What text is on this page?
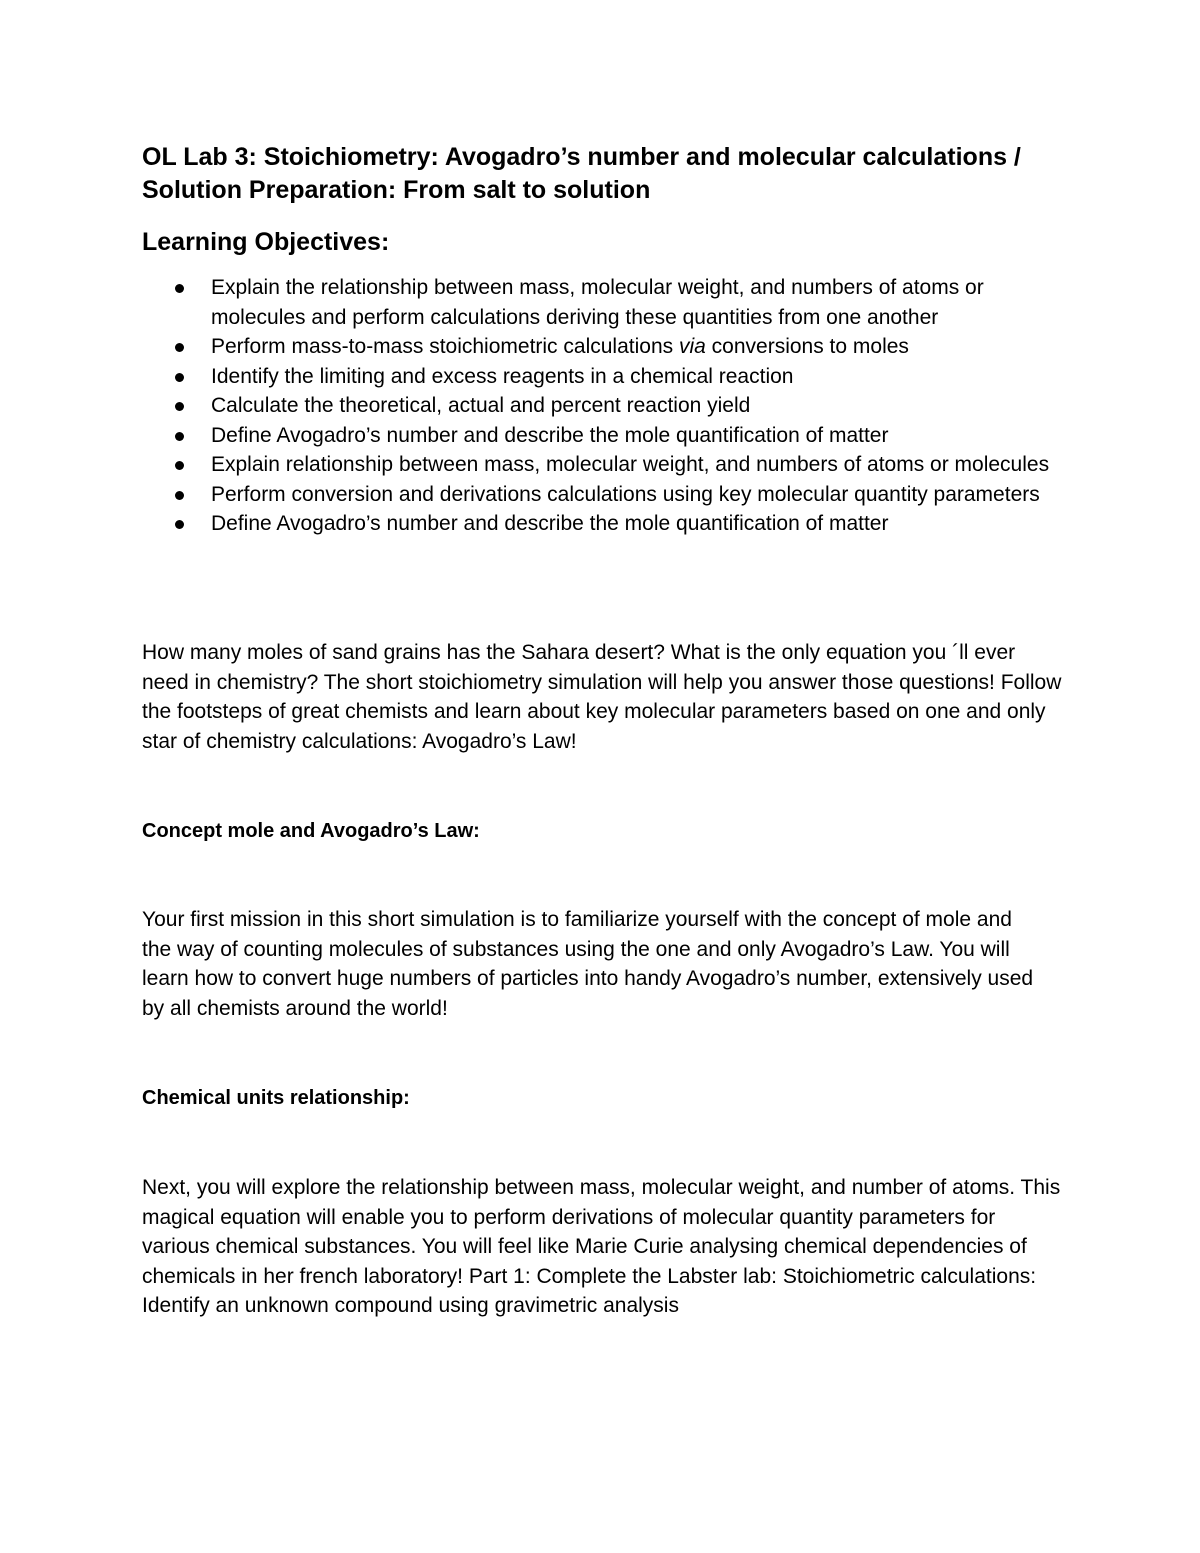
OL Lab 3: Stoichiometry: Avogadro’s number and molecular calculations / Solution Preparation: From salt to solution
Learning Objectives:
Explain the relationship between mass, molecular weight, and numbers of atoms or molecules and perform calculations deriving these quantities from one another
Perform mass-to-mass stoichiometric calculations via conversions to moles
Identify the limiting and excess reagents in a chemical reaction
Calculate the theoretical, actual and percent reaction yield
Define Avogadro’s number and describe the mole quantification of matter
Explain relationship between mass, molecular weight, and numbers of atoms or molecules
Perform conversion and derivations calculations using key molecular quantity parameters
Define Avogadro’s number and describe the mole quantification of matter

How many moles of sand grains has the Sahara desert? What is the only equation you ´ll ever need in chemistry? The short stoichiometry simulation will help you answer those questions! Follow the footsteps of great chemists and learn about key molecular parameters based on one and only star of chemistry calculations: Avogadro’s Law!

Concept mole and Avogadro’s Law:

Your first mission in this short simulation is to familiarize yourself with the concept of mole and the way of counting molecules of substances using the one and only Avogadro’s Law. You will learn how to convert huge numbers of particles into handy Avogadro’s number, extensively used by all chemists around the world!

Chemical units relationship:

Next, you will explore the relationship between mass, molecular weight, and number of atoms. This magical equation will enable you to perform derivations of molecular quantity parameters for various chemical substances. You will feel like Marie Curie analysing chemical dependencies of chemicals in her french laboratory! Part 1: Complete the Labster lab: Stoichiometric calculations: Identify an unknown compound using gravimetric analysis
